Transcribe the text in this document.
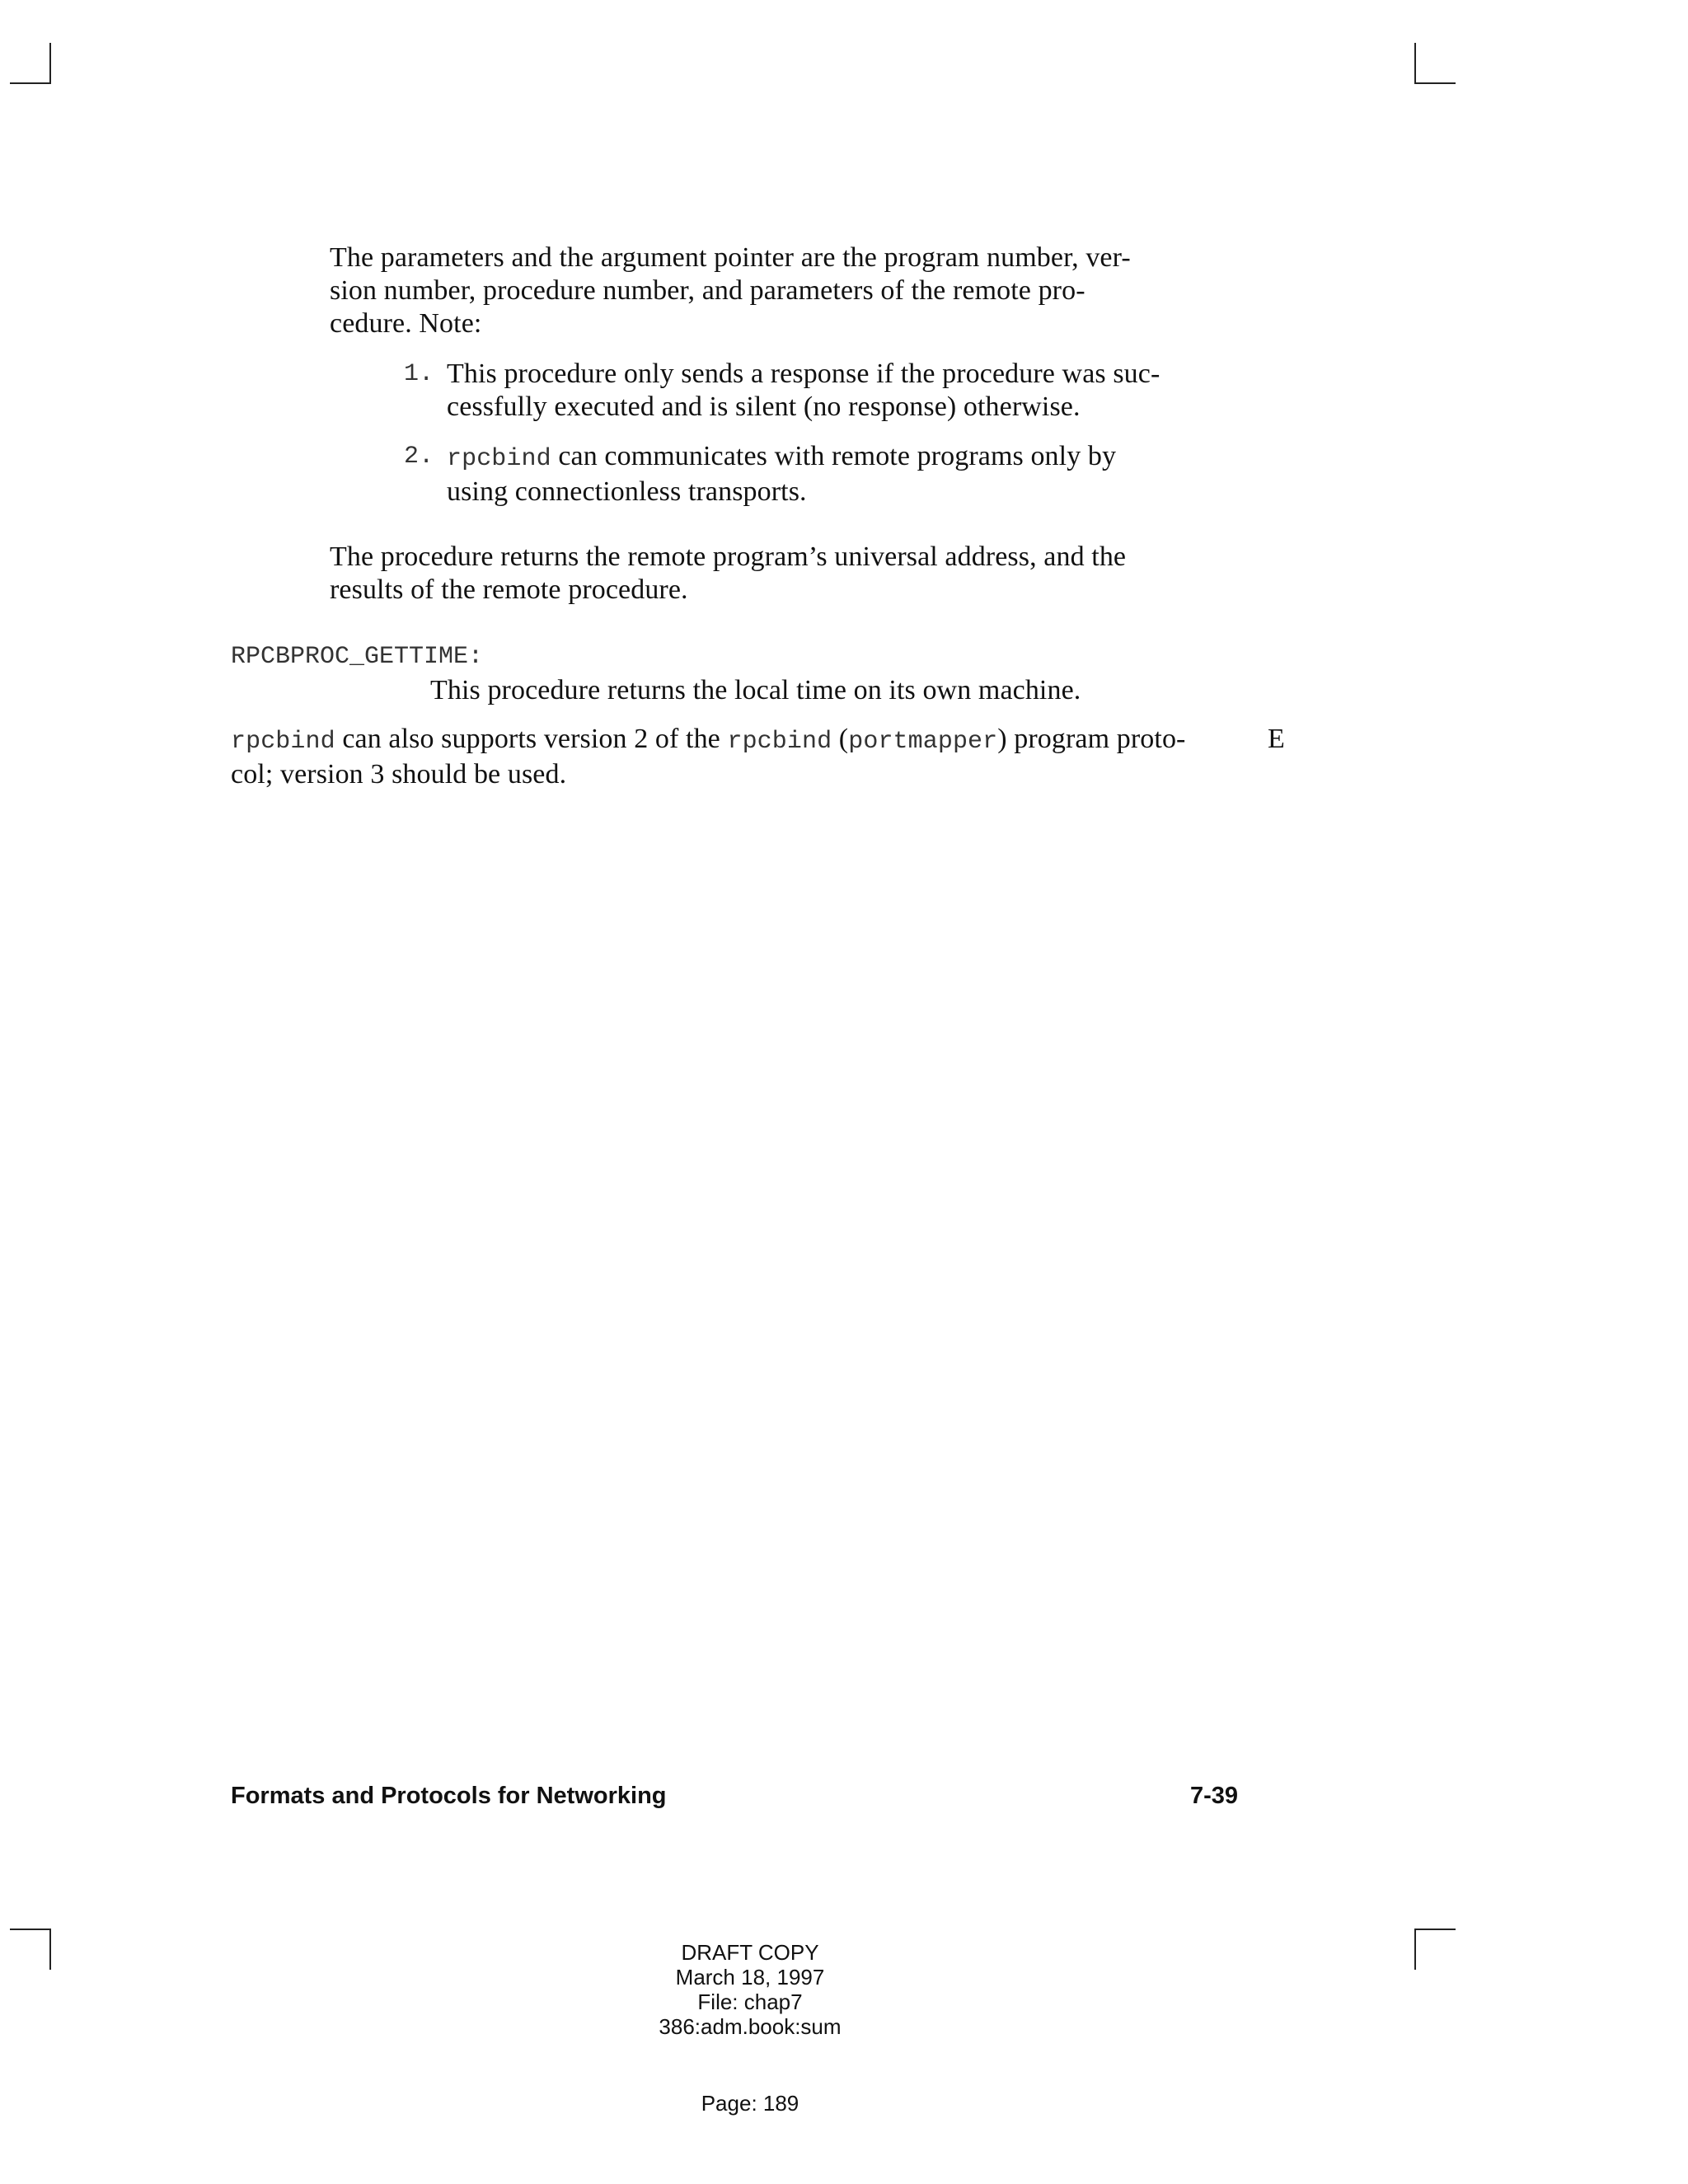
The parameters and the argument pointer are the program number, ver-
sion number, procedure number, and parameters of the remote pro-
cedure. Note:
1. This procedure only sends a response if the procedure was suc-
cessfully executed and is silent (no response) otherwise.
2. rpcbind can communicates with remote programs only by
using connectionless transports.
The procedure returns the remote program’s universal address, and the
results of the remote procedure.
RPCBPROC_GETTIME:
This procedure returns the local time on its own machine.
rpcbind can also supports version 2 of the rpcbind (portmapper) program proto-
col; version 3 should be used.
E
Formats and Protocols for Networking	7-39
DRAFT COPY
March 18, 1997
File: chap7
386:adm.book:sum
Page: 189
